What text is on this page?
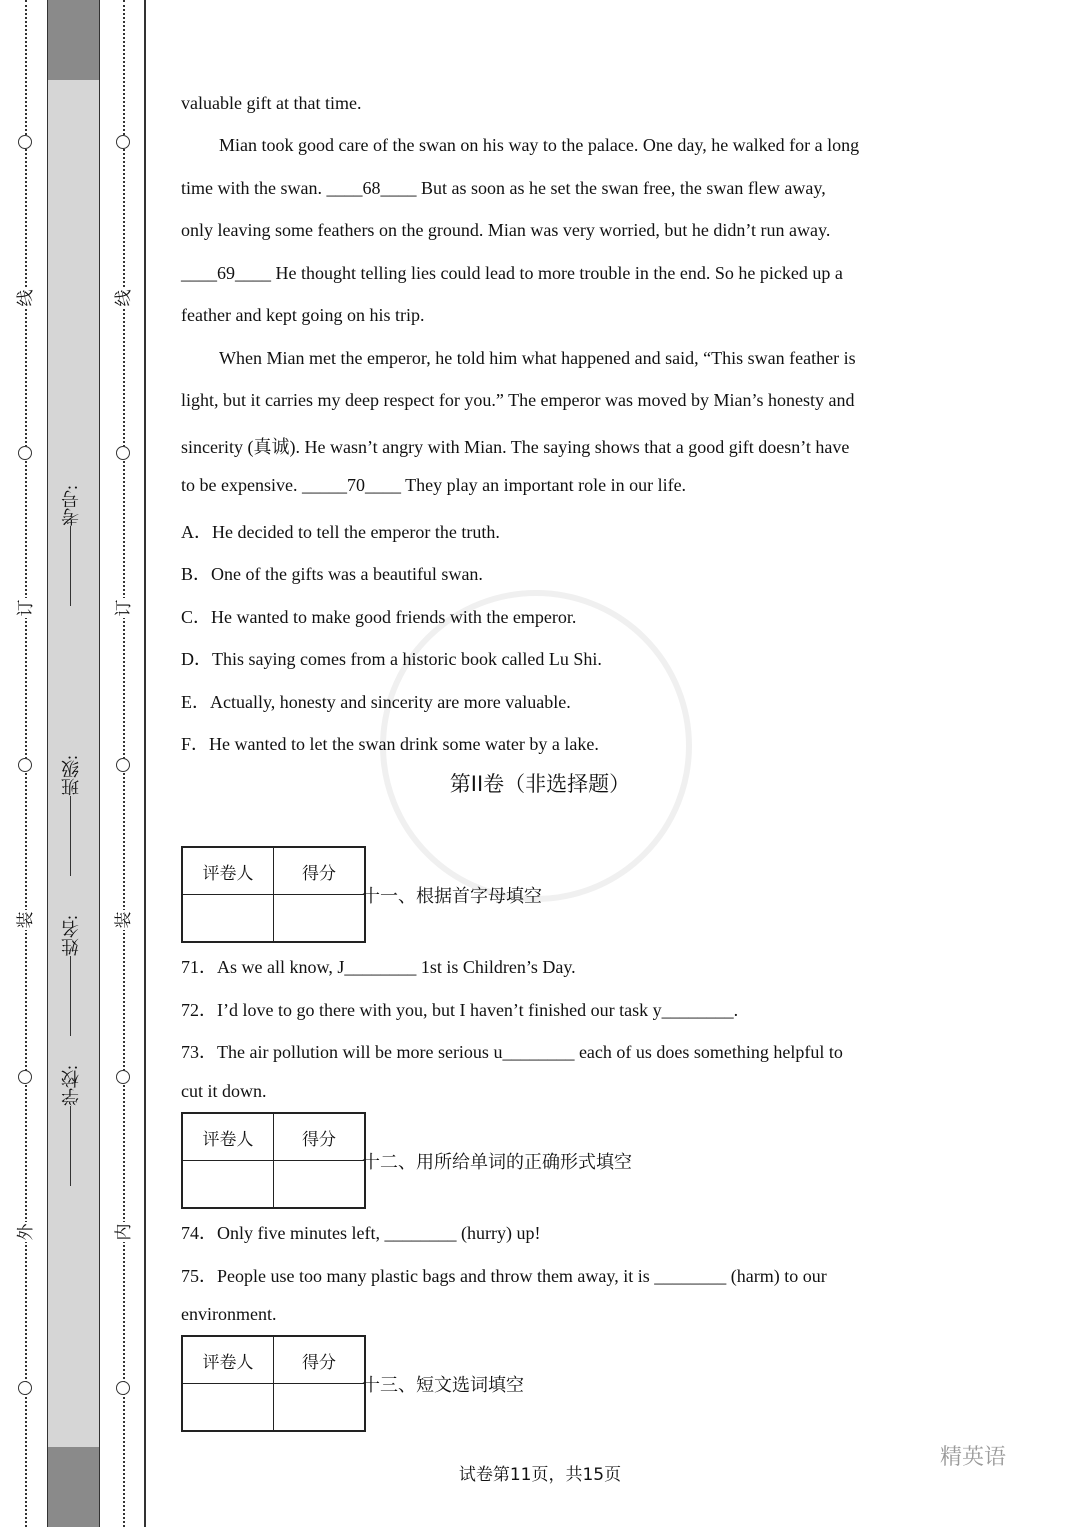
线
订
装
外
线
订
装
内
考号:
班级:
姓名:
学校:
valuable gift at that time.
Mian took good care of the swan on his way to the palace. One day, he walked for a long
time with the swan. ____68____ But as soon as he set the swan free, the swan flew away,
only leaving some feathers on the ground. Mian was very worried, but he didn’t run away.
____69____ He thought telling lies could lead to more trouble in the end. So he picked up a
feather and kept going on his trip.
When Mian met the emperor, he told him what happened and said, “This swan feather is
light, but it carries my deep respect for you.” The emperor was moved by Mian’s honesty and
sincerity (真诚). He wasn’t angry with Mian. The saying shows that a good gift doesn’t have
to be expensive. _____70____ They play an important role in our life.
A．He decided to tell the emperor the truth.
B．One of the gifts was a beautiful swan.
C．He wanted to make good friends with the emperor.
D．This saying comes from a historic book called Lu Shi.
E．Actually, honesty and sincerity are more valuable.
F．He wanted to let the swan drink some water by a lake.
第II卷（非选择题）
评卷人	得分

十一、根据首字母填空
71．As we all know, J________ 1st is Children’s Day.
72．I’d love to go there with you, but I haven’t finished our task y________.
73．The air pollution will be more serious u________ each of us does something helpful to
cut it down.
评卷人	得分

十二、用所给单词的正确形式填空
74．Only five minutes left, ________ (hurry) up!
75．People use too many plastic bags and throw them away, it is ________ (harm) to our
environment.
评卷人	得分

十三、短文选词填空
试卷第11页，共15页
精英语
